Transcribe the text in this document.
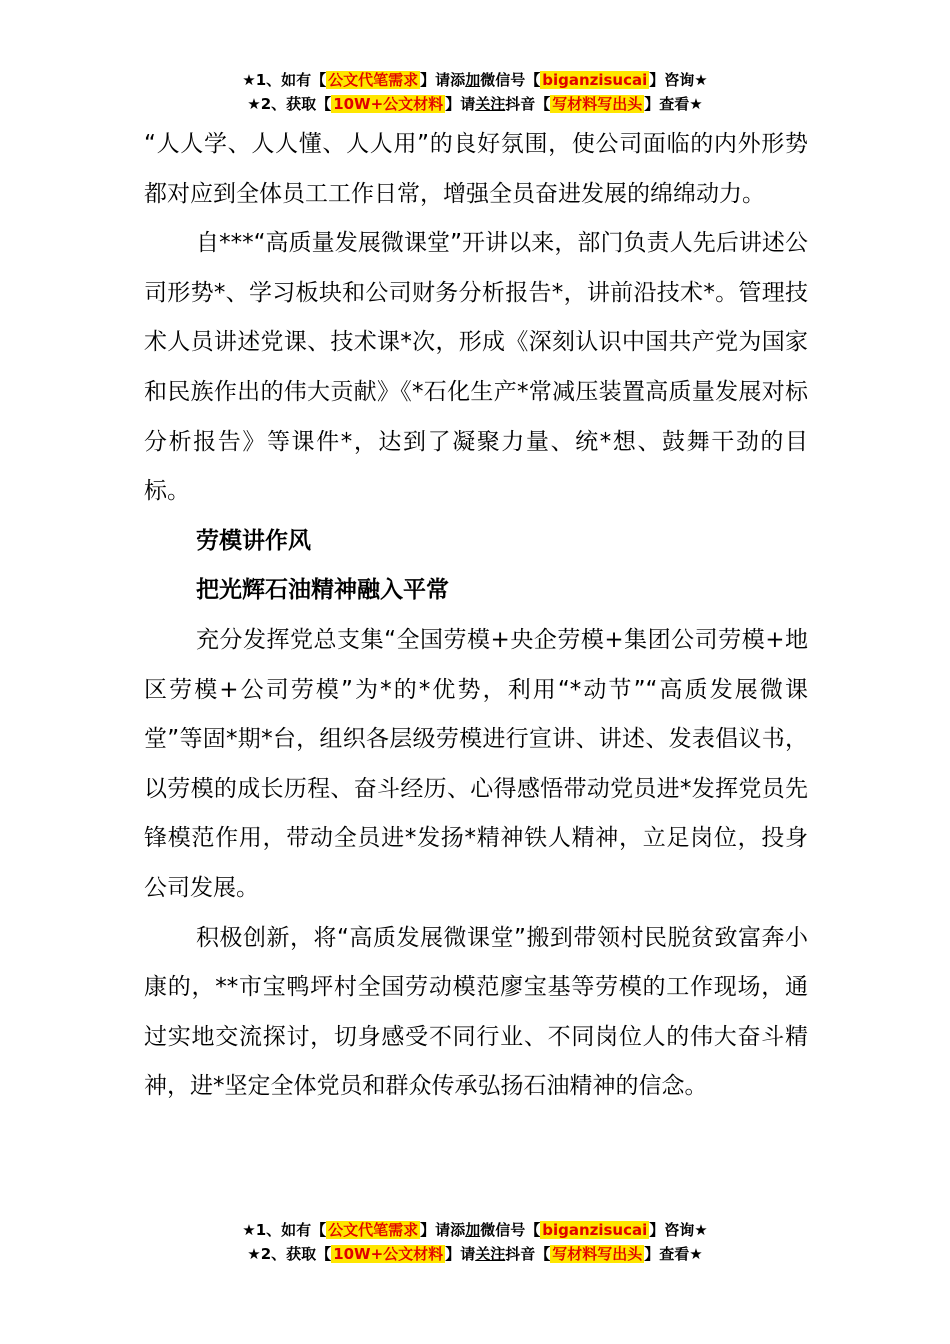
★1、如有【 公文代笔需求 】请添加微信号【 biganzisucai 】咨询★
★2、获取【 10W+公文材料 】请关注抖音【 写材料写出头 】查看★

“人人学、人人懂、人人用”的良好氛围，使公司面临的内外形势都对应到全体员工工作日常，增强全员奋进发展的绵绵动力。

自***“高质量发展微课堂”开讲以来，部门负责人先后讲述公司形势*、学习板块和公司财务分析报告*，讲前沿技术*。管理技术人员讲述党课、技术课*次，形成《深刻认识中国共产党为国家和民族作出的伟大贡献》《*石化生产*常减压装置高质量发展对标分析报告》等课件*，达到了凝聚力量、统*想、鼓舞干劲的目标。

劳模讲作风

把光辉石油精神融入平常

充分发挥党总支集“全国劳模+央企劳模+集团公司劳模+地区劳模+公司劳模”为*的*优势，利用“*动节”“高质发展微课堂”等固*期*台，组织各层级劳模进行宣讲、讲述、发表倡议书，以劳模的成长历程、奋斗经历、心得感悟带动党员进*发挥党员先锋模范作用，带动全员进*发扬*精神铁人精神，立足岗位，投身公司发展。

积极创新，将“高质发展微课堂”搬到带领村民脱贫致富奔小康的，**市宝鸭坪村全国劳动模范廖宝基等劳模的工作现场，通过实地交流探讨，切身感受不同行业、不同岗位人的伟大奋斗精神，进*坚定全体党员和群众传承弘扬石油精神的信念。

★1、如有【 公文代笔需求 】请添加微信号【 biganzisucai 】咨询★
★2、获取【 10W+公文材料 】请关注抖音【 写材料写出头 】查看★
